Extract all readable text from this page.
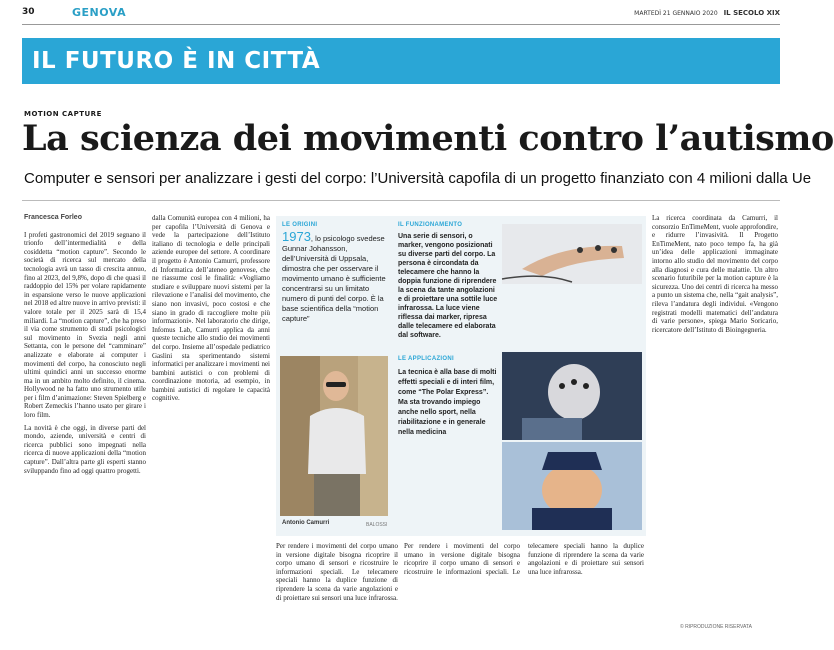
30	GENOVA	MARTEDÌ 21 GENNAIO 2020 IL SECOLO XIX
IL FUTURO È IN CITTÀ
MOTION CAPTURE
La scienza dei movimenti contro l’autismo
Computer e sensori per analizzare i gesti del corpo: l’Università capofila di un progetto finanziato con 4 milioni dalla Ue
Francesca Forleo
I profeti gastronomici del 2019 segnano il trionfo dell’intermedialità e della cosiddetta “motion capture”. Secondo le società di ricerca sul mercato della tecnologia avrà un tasso di crescita annuo, fino al 2023, del 9,8%, dopo di che quasi il raddoppio del 15% per volare rapidamente in espansione verso le nuove applicazioni nel 2018 ed altre nuove in arrivo previsti: il valore totale per il 2025 sarà di 15,4 miliardi. La “motion capture”, che ha preso il via come strumento di studi psicologici sul movimento in Svezia negli anni Settanta, con le persone del “camminare” analizzate e elaborate ai computer i movimenti del corpo, ha conosciuto negli ultimi quindici anni un successo enorme ma in un ambito molto definito, il cinema. Hollywood ne ha fatto uno strumento utile per i film d’animazione: Steven Spielberg e Robert Zemeckis l’hanno usato per girare i loro film.
La novità è che oggi, in diverse parti del mondo, aziende, università e centri di ricerca pubblici sono impegnati nella ricerca di nuove applicazioni della “motion capture”. Dall’altra parte gli esperti stanno sviluppando fino ad oggi quattro progetti.
dalla Comunità europea con 4 milioni, ha per capofila l’Università di Genova e vede la partecipazione dell’Istituto italiano di tecnologia e delle principali aziende europee del settore. A coordinare il progetto è Antonio Camurri, professore di Informatica dell’ateneo genovese, che ne riassume così le finalità: «Vogliamo studiare e sviluppare nuovi sistemi per la rilevazione e l’analisi del movimento, che siano non invasivi, poco costosi e che siano in grado di raccogliere molte più informazioni». Nel laboratorio che dirige, Infomus Lab, Camurri applica da anni queste tecniche allo studio dei movimenti del corpo. Insieme all’ospedale pediatrico Gaslini sta sperimentando sistemi informatici per analizzare i movimenti nei bambini autistici o con problemi di coordinazione motoria, ad esempio, in bambini autistici di regolare le capacità cognitive.
LE ORIGINI
1973, lo psicologo svedese Gunnar Johansson, dell’Università di Uppsala, dimostra che per osservare il movimento umano è sufficiente concentrarsi su un limitato numero di punti del corpo. È la base scientifica della “motion capture”
Antonio Camurri	BALOSSI
IL FUNZIONAMENTO
Una serie di sensori, o marker, vengono posizionati su diverse parti del corpo. La persona è circondata da telecamere che hanno la doppia funzione di riprendere la scena da tante angolazioni e di proiettare una sottile luce infrarossa. La luce viene riflessa dai marker, ripresa dalle telecamere ed elaborata dal software.
LE APPLICAZIONI
La tecnica è alla base di molti effetti speciali e di interi film, come “The Polar Express”. Ma sta trovando impiego anche nello sport, nella riabilitazione e in generale nella medicina
Per rendere i movimenti del corpo umano in versione digitale bisogna ricoprire il corpo umano di sensori e ricostruire le informazioni speciali. Le telecamere speciali hanno la duplice funzione di riprendere la scena da varie angolazioni e di proiettare sui sensori una luce infrarossa.
Per rendere i movimenti del corpo umano in versione digitale bisogna ricoprire il corpo umano di sensori e ricostruire le informazioni speciali. Le telecamere speciali hanno la duplice funzione di riprendere la scena da varie angolazioni e di proiettare sui sensori una luce infrarossa.
La ricerca coordinata da Camurri, il consorzio EnTimeMent, vuole approfondire, e ridurre l’invasività. Il Progetto EnTimeMent, nato poco tempo fa, ha già un’idea delle applicazioni immaginate intorno allo studio del movimento del corpo alla diagnosi e cura delle malattie. Un altro scenario futuribile per la motion capture è la sicurezza. Uno dei centri di ricerca ha messo a punto un sistema che, nella “gait analysis”, rileva l’andatura degli individui. «Vengono registrati modelli matematici dell’andatura di varie persone», spiega Mario Soricario, ricercatore dell’Istituto di Bioingegneria.
© RIPRODUZIONE RISERVATA
